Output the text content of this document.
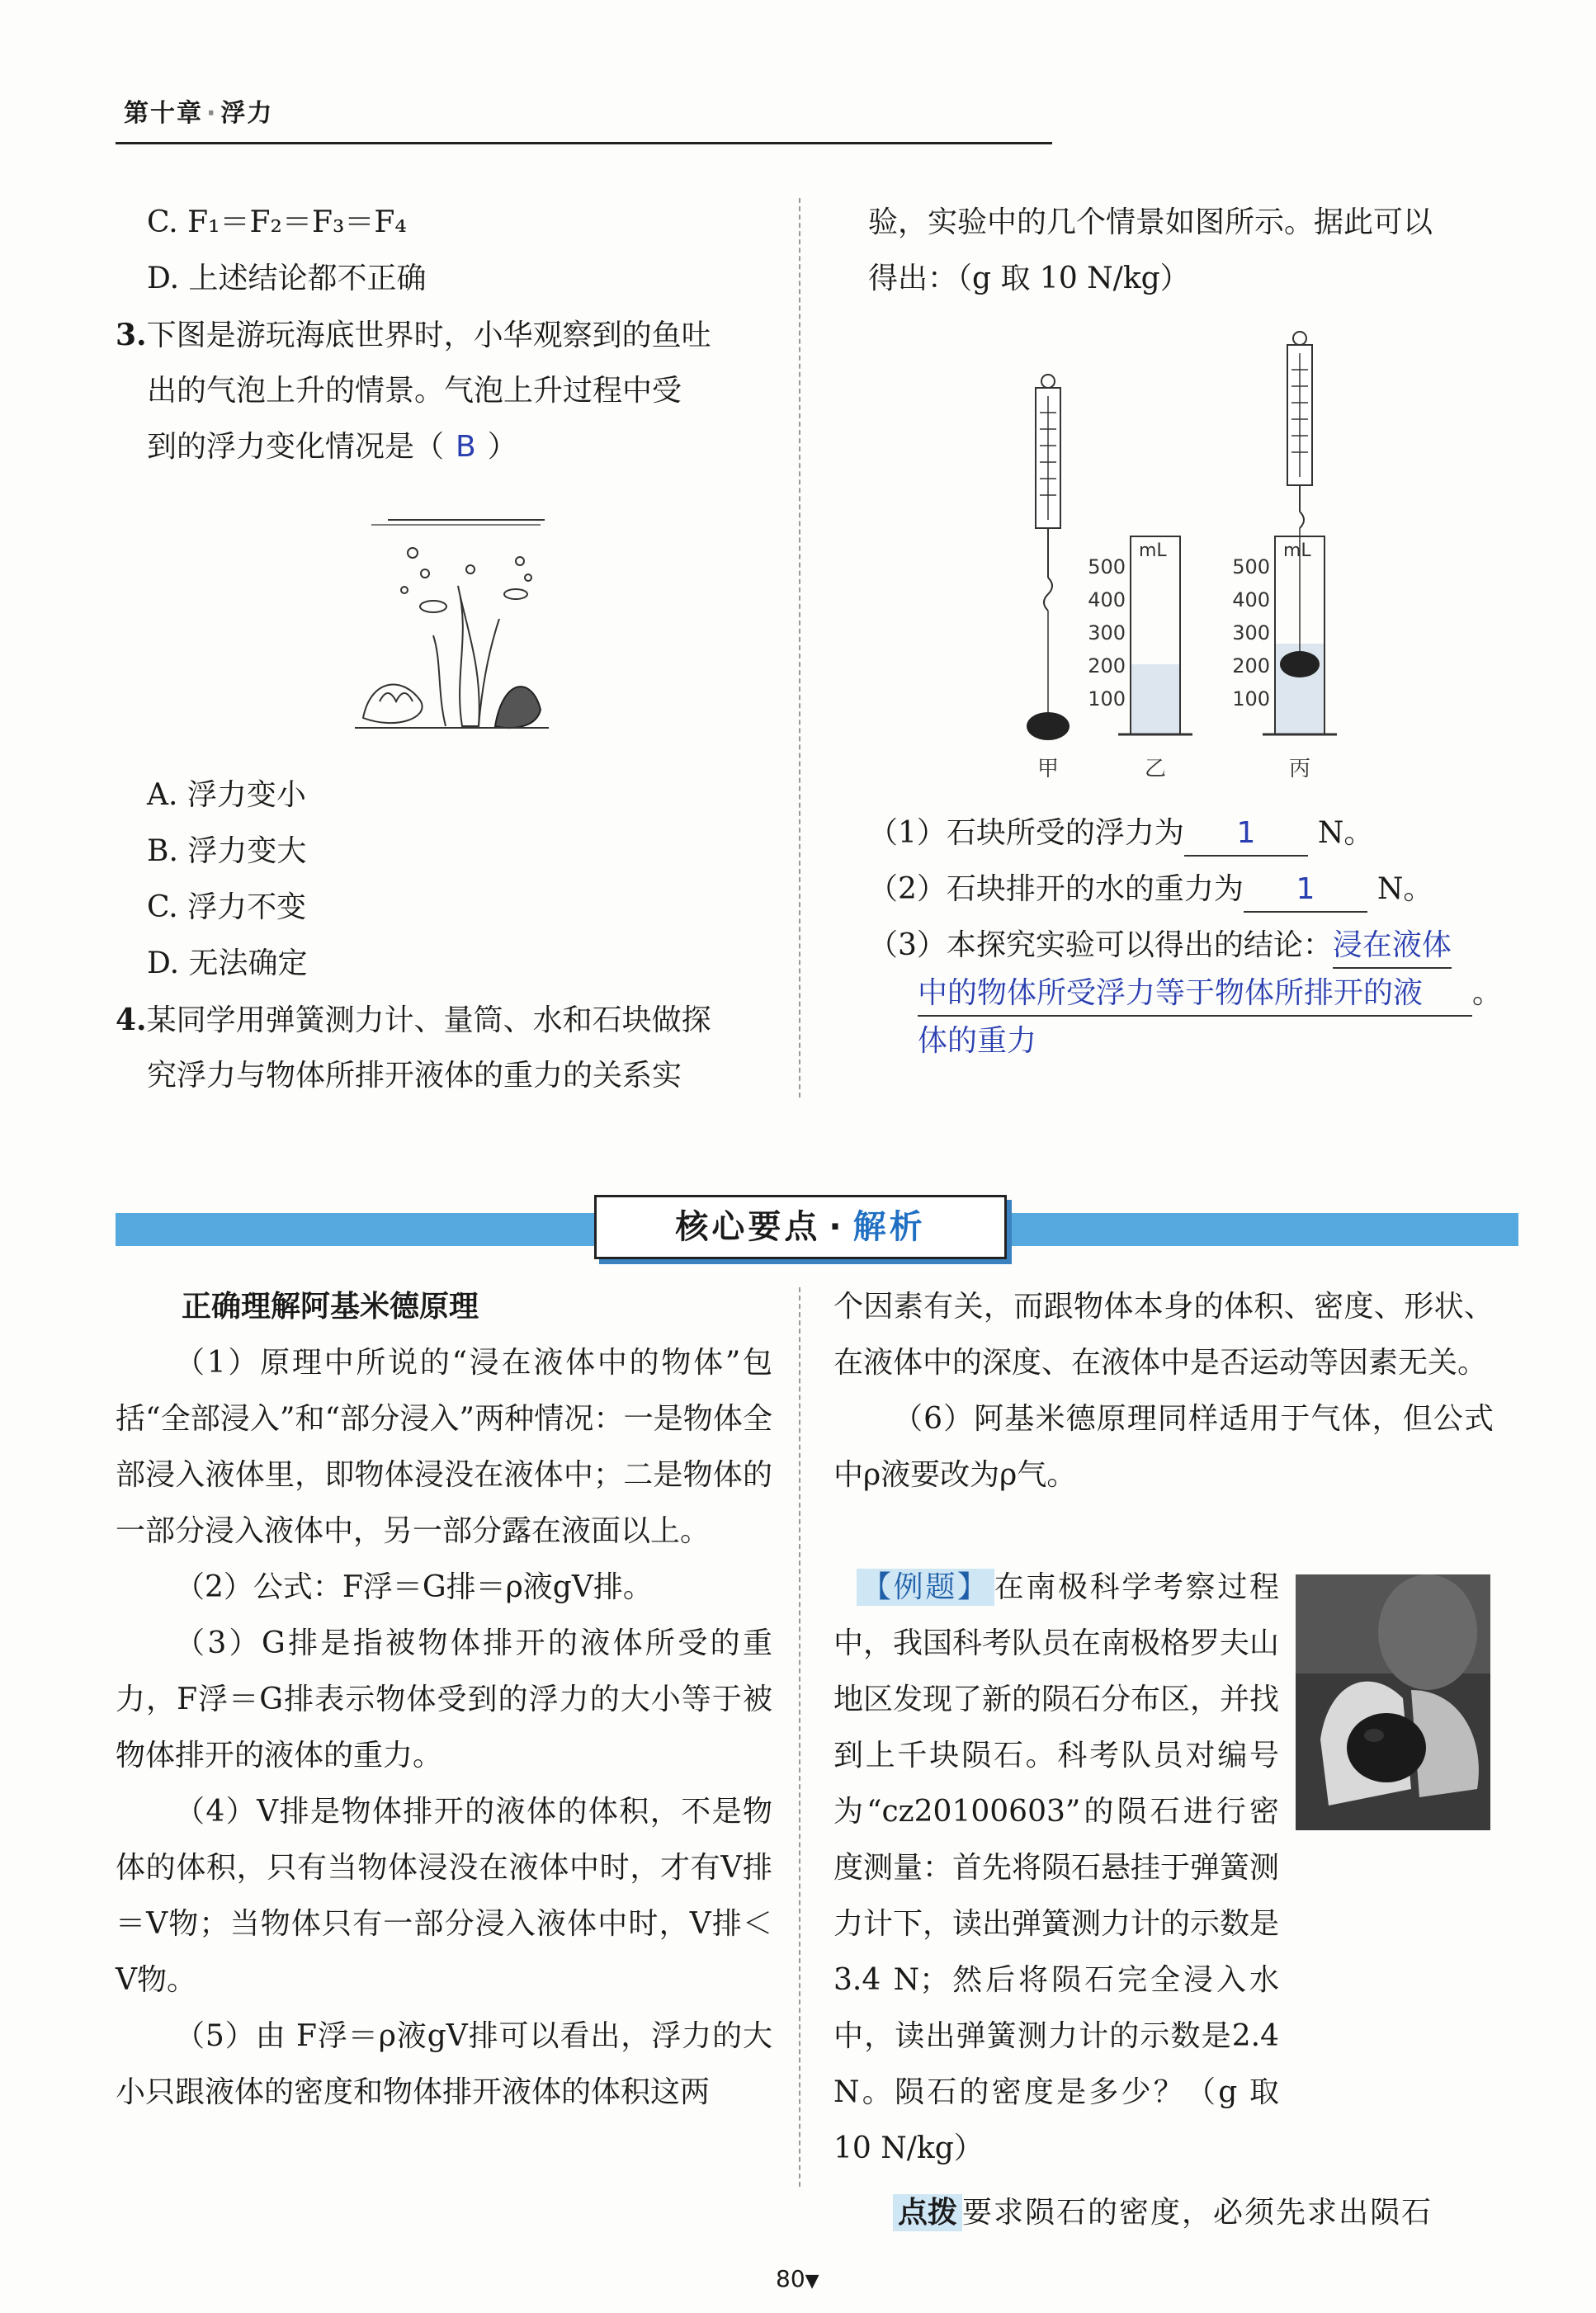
第十章 · 浮力
C. F₁＝F₂＝F₃＝F₄
D. 上述结论都不正确
3.下图是游玩海底世界时，小华观察到的鱼吐
出的气泡上升的情景。气泡上升过程中受
到的浮力变化情况是（ B ）
A. 浮力变小
B. 浮力变大
C. 浮力不变
D. 无法确定
4.某同学用弹簧测力计、量筒、水和石块做探
究浮力与物体所排开液体的重力的关系实
验，实验中的几个情景如图所示。据此可以
得出：（g 取 10 N/kg）
500
400
300
200
100
mL
500
400
300
200
100
mL
甲	乙	丙
（1）石块所受的浮力为 1 N。
（2）石块排开的水的重力为 1 N。
（3）本探究实验可以得出的结论：浸在液体
中的物体所受浮力等于物体所排开的液 。
体的重力
核心要点 · 解析
正确理解阿基米德原理
（1）原理中所说的“浸在液体中的物体”包括“全部浸入”和“部分浸入”两种情况：一是物体全部浸入液体里，即物体浸没在液体中；二是物体的一部分浸入液体中，另一部分露在液面以上。
（2）公式：F浮＝G排＝ρ液gV排。
（3）G排是指被物体排开的液体所受的重力，F浮＝G排表示物体受到的浮力的大小等于被物体排开的液体的重力。
（4）V排是物体排开的液体的体积，不是物体的体积，只有当物体浸没在液体中时，才有V排＝V物；当物体只有一部分浸入液体中时，V排＜V物。
（5）由 F浮＝ρ液gV排可以看出，浮力的大小只跟液体的密度和物体排开液体的体积这两
个因素有关，而跟物体本身的体积、密度、形状、在液体中的深度、在液体中是否运动等因素无关。
（6）阿基米德原理同样适用于气体，但公式中ρ液要改为ρ气。
【例题】 在南极科学考察过程中，我国科考队员在南极格罗夫山地区发现了新的陨石分布区，并找到上千块陨石。科考队员对编号为“cz20100603”的陨石进行密度测量：首先将陨石悬挂于弹簧测力计下，读出弹簧测力计的示数是3.4 N；然后将陨石完全浸入水中，读出弹簧测力计的示数是2.4 N。陨石的密度是多少？（g 取10 N/kg）
点拨 要求陨石的密度，必须先求出陨石
80▼
